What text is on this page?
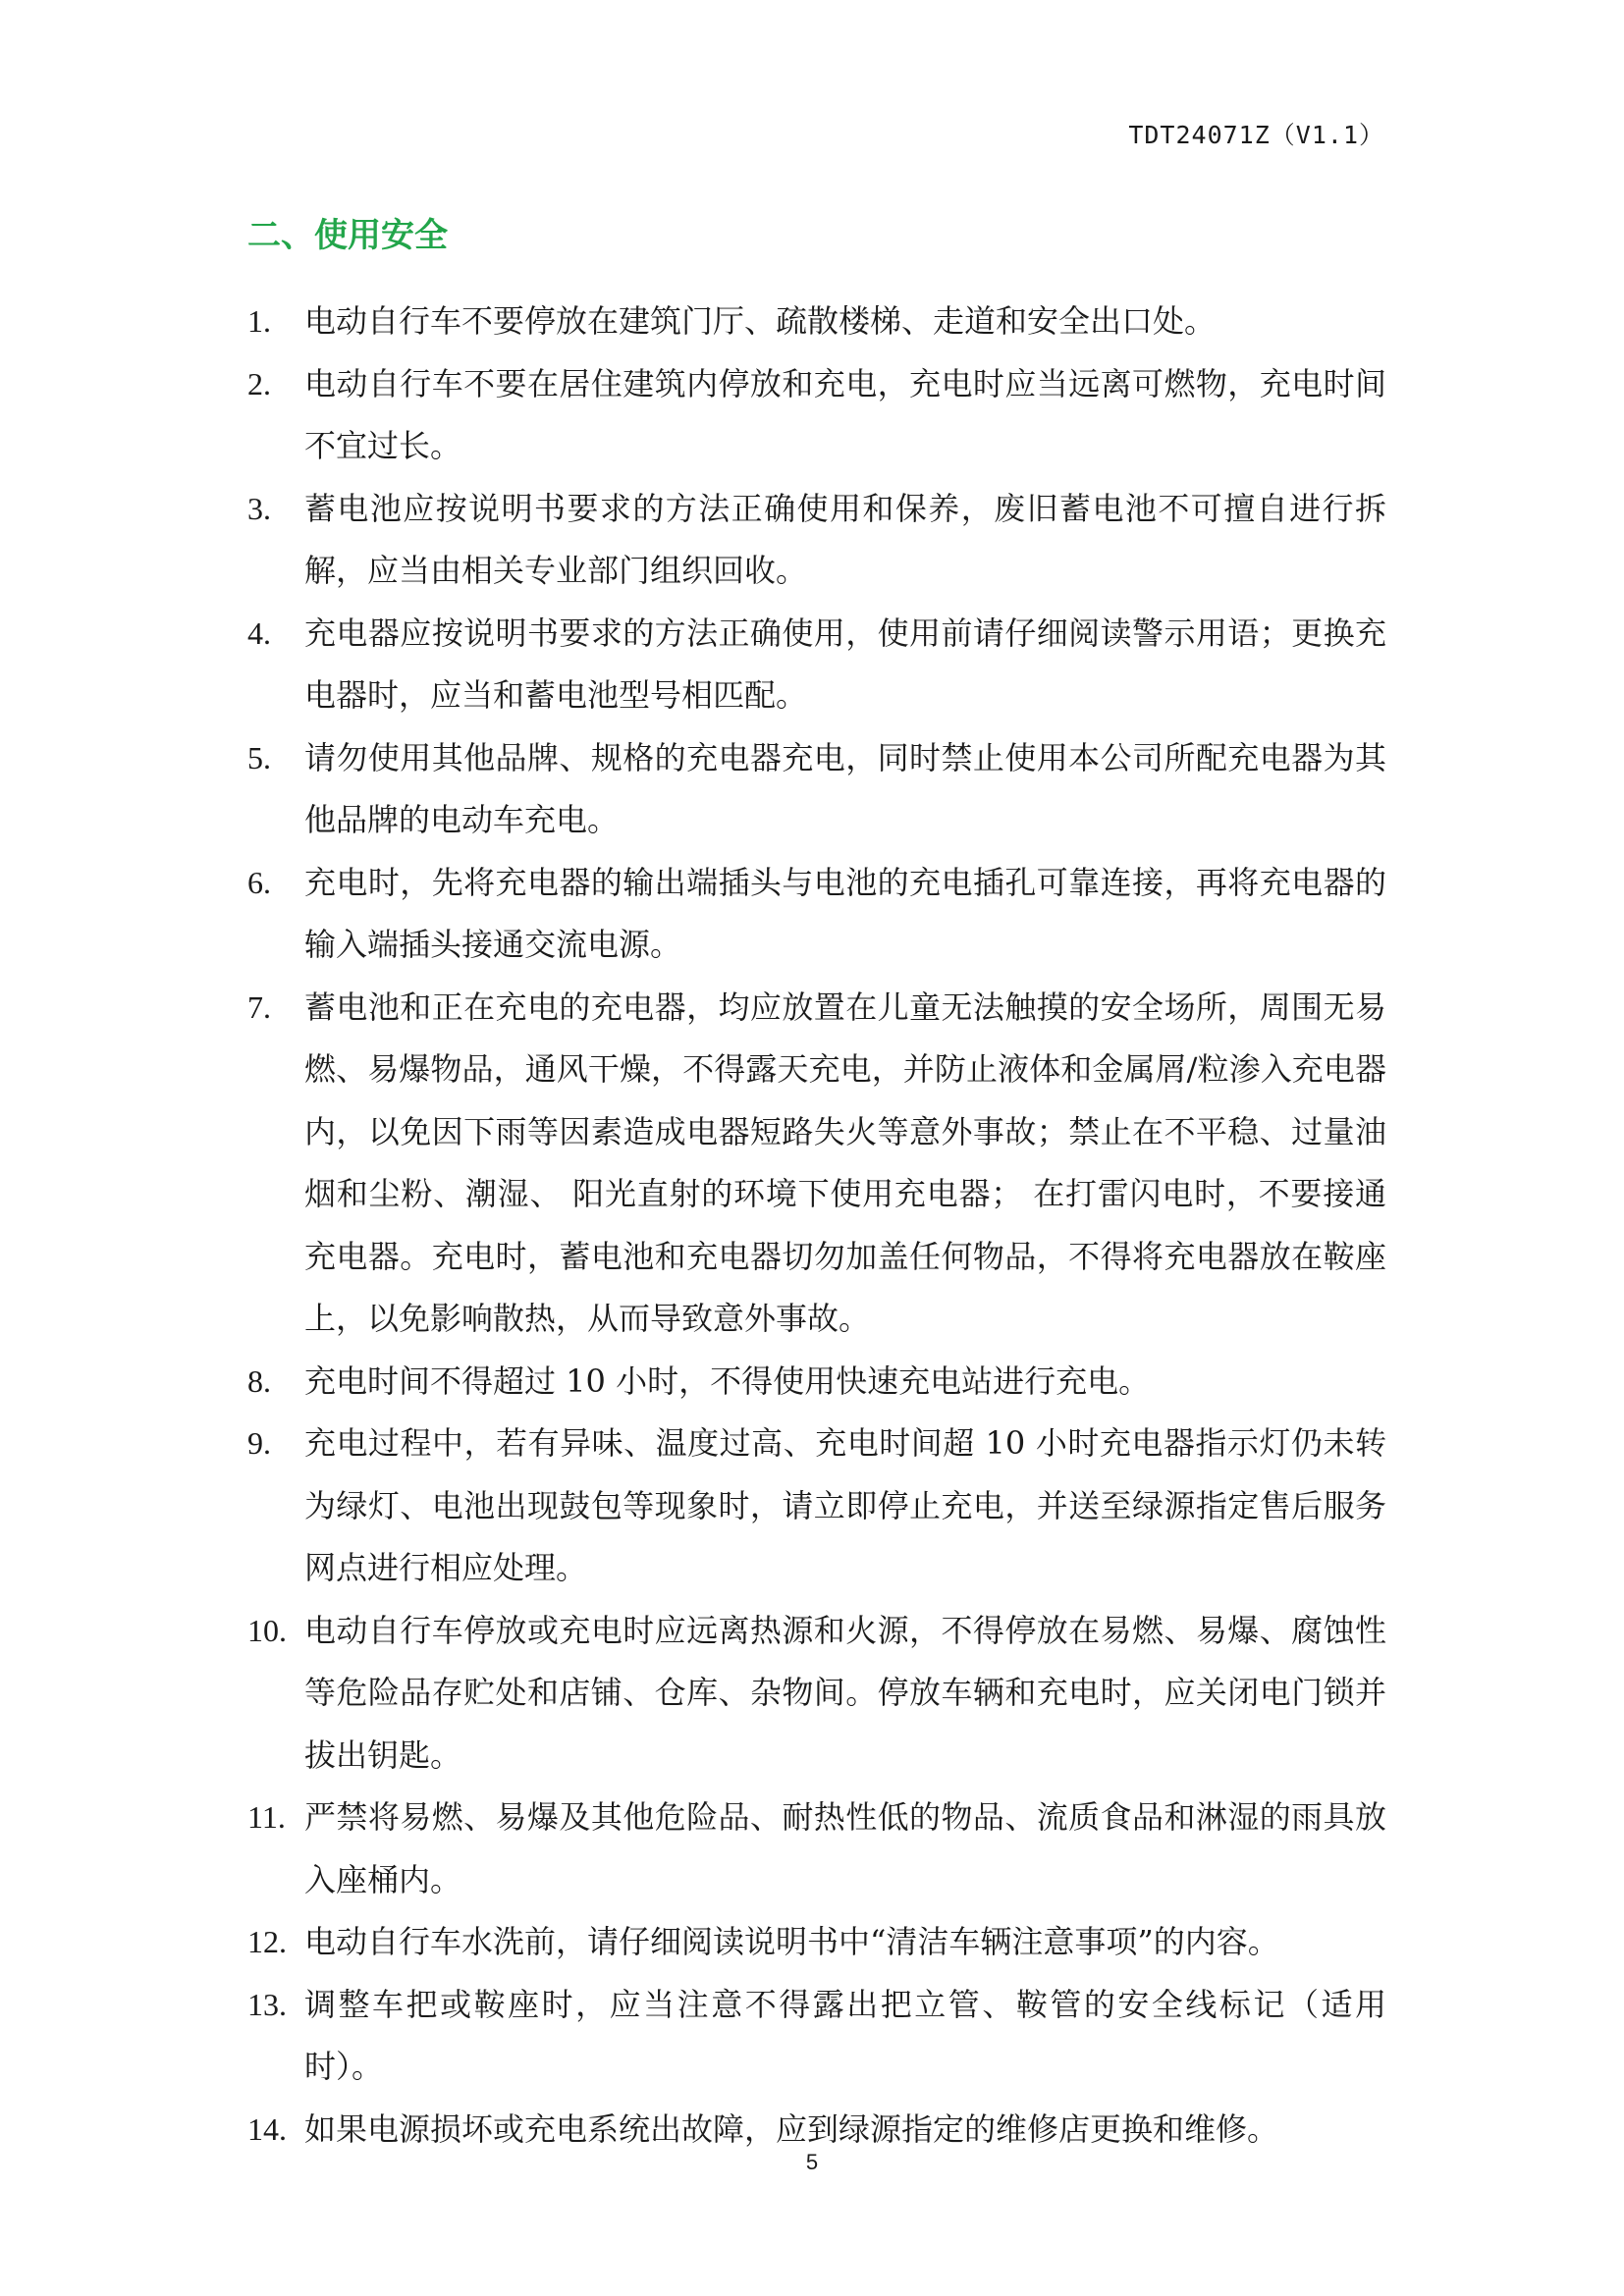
TDT24071Z（V1.1）
二、使用安全
1.	电动自行车不要停放在建筑门厅、疏散楼梯、走道和安全出口处。
2.	电动自行车不要在居住建筑内停放和充电，充电时应当远离可燃物，充电时间不宜过长。
3.	蓄电池应按说明书要求的方法正确使用和保养，废旧蓄电池不可擅自进行拆解，应当由相关专业部门组织回收。
4.	充电器应按说明书要求的方法正确使用，使用前请仔细阅读警示用语；更换充电器时，应当和蓄电池型号相匹配。
5.	请勿使用其他品牌、规格的充电器充电，同时禁止使用本公司所配充电器为其他品牌的电动车充电。
6.	充电时，先将充电器的输出端插头与电池的充电插孔可靠连接，再将充电器的输入端插头接通交流电源。
7.	蓄电池和正在充电的充电器，均应放置在儿童无法触摸的安全场所，周围无易燃、易爆物品，通风干燥，不得露天充电，并防止液体和金属屑/粒渗入充电器内，以免因下雨等因素造成电器短路失火等意外事故；禁止在不平稳、过量油烟和尘粉、潮湿、 阳光直射的环境下使用充电器； 在打雷闪电时，不要接通充电器。充电时，蓄电池和充电器切勿加盖任何物品，不得将充电器放在鞍座上，以免影响散热，从而导致意外事故。
8.	充电时间不得超过 10 小时，不得使用快速充电站进行充电。
9.	充电过程中，若有异味、温度过高、充电时间超 10 小时充电器指示灯仍未转为绿灯、电池出现鼓包等现象时，请立即停止充电，并送至绿源指定售后服务网点进行相应处理。
10. 电动自行车停放或充电时应远离热源和火源，不得停放在易燃、易爆、腐蚀性等危险品存贮处和店铺、仓库、杂物间。停放车辆和充电时，应关闭电门锁并拔出钥匙。
11. 严禁将易燃、易爆及其他危险品、耐热性低的物品、流质食品和淋湿的雨具放入座桶内。
12. 电动自行车水洗前，请仔细阅读说明书中“清洁车辆注意事项”的内容。
13. 调整车把或鞍座时，应当注意不得露出把立管、鞍管的安全线标记（适用时）。
14. 如果电源损坏或充电系统出故障，应到绿源指定的维修店更换和维修。
5
